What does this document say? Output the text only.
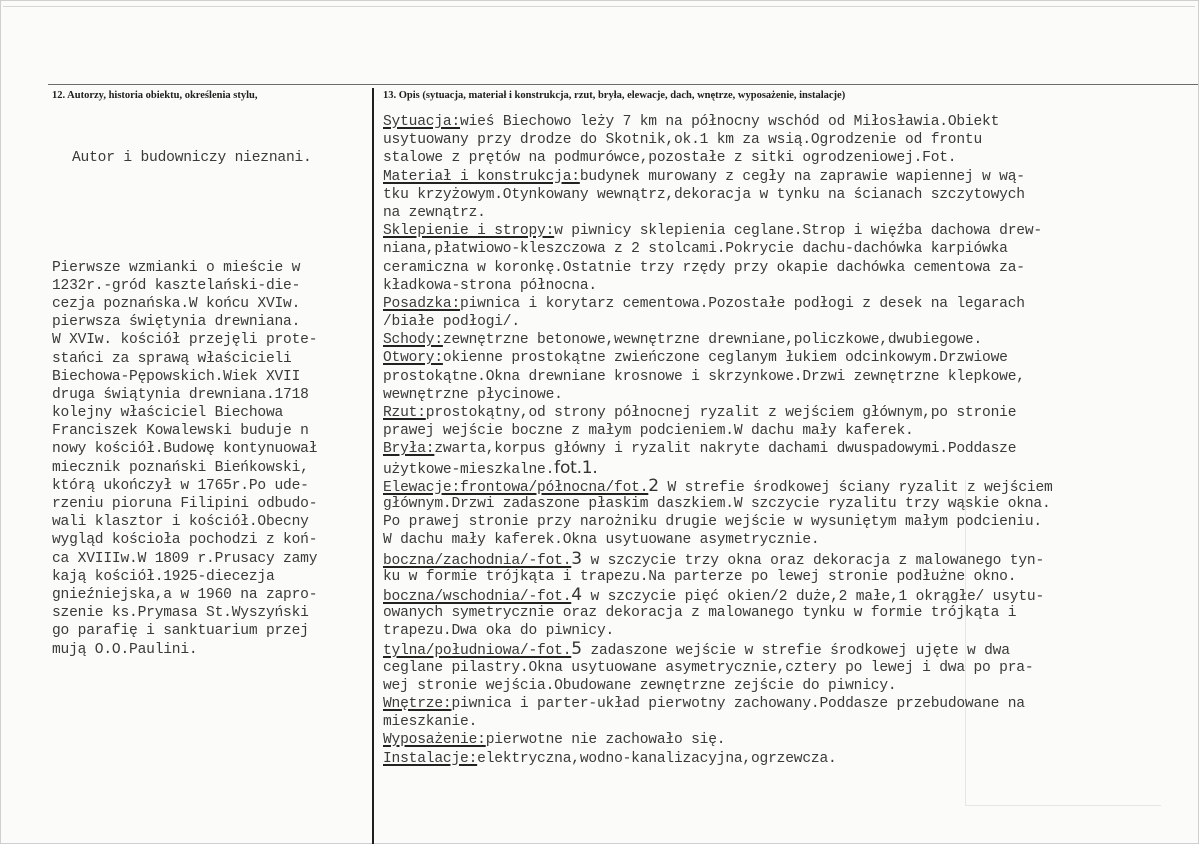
12. Autorzy, historia obiektu, określenia stylu,	13. Opis (sytuacja, materiał i konstrukcja, rzut, bryła, elewacje, dach, wnętrze, wyposażenie, instalacje)

Autor i budowniczy nieznani.

Pierwsze wzmianki o mieście w
1232r.-gród kasztelański-die-
cezja poznańska.W końcu XVIw.
pierwsza świętynia drewniana.
W XVIw. kościół przejęli prote-
stańci za sprawą właścicieli
Biechowa-Pępowskich.Wiek XVII
druga świątynia drewniana.1718
kolejny właściciel Biechowa
Franciszek Kowalewski buduje n
nowy kościół.Budowę kontynuował
miecznik poznański Bieńkowski,
którą ukończył w 1765r.Po ude-
rzeniu pioruna Filipini odbudo-
wali klasztor i kościół.Obecny
wygląd kościoła pochodzi z koń-
ca XVIIIw.W 1809 r.Prusacy zamy
kają kościół.1925-diecezja
gnieźniejska,a w 1960 na zapro-
szenie ks.Prymasa St.Wyszyński
go parafię i sanktuarium przej
mują O.O.Paulini.

Sytuacja:wieś Biechowo leży 7 km na północny wschód od Miłosławia.Obiekt
usytuowany przy drodze do Skotnik,ok.1 km za wsią.Ogrodzenie od frontu
stalowe z prętów na podmurówce,pozostałe z sitki ogrodzeniowej.Fot.
Materiał i konstrukcja:budynek murowany z cegły na zaprawie wapiennej w wą-
tku krzyżowym.Otynkowany wewnątrz,dekoracja w tynku na ścianach szczytowych
na zewnątrz.
Sklepienie i stropy:w piwnicy sklepienia ceglane.Strop i więźba dachowa drew-
niana,płatwiowo-kleszczowa z 2 stolcami.Pokrycie dachu-dachówka karpiówka
ceramiczna w koronkę.Ostatnie trzy rzędy przy okapie dachówka cementowa za-
kładkowa-strona północna.
Posadzka:piwnica i korytarz cementowa.Pozostałe podłogi z desek na legarach
/białe podłogi/.
Schody:zewnętrzne betonowe,wewnętrzne drewniane,policzkowe,dwubiegowe.
Otwory:okienne prostokątne zwieńczone ceglanym łukiem odcinkowym.Drzwiowe
prostokątne.Okna drewniane krosnowe i skrzynkowe.Drzwi zewnętrzne klepkowe,
wewnętrzne płycinowe.
Rzut:prostokątny,od strony północnej ryzalit z wejściem głównym,po stronie
prawej wejście boczne z małym podcieniem.W dachu mały kaferek.
Bryła:zwarta,korpus główny i ryzalit nakryte dachami dwuspadowymi.Poddasze
użytkowe-mieszkalne.fot.1.
Elewacje:frontowa/północna/fot.2 W strefie środkowej ściany ryzalit z wejściem
głównym.Drzwi zadaszone płaskim daszkiem.W szczycie ryzalitu trzy wąskie okna.
Po prawej stronie przy narożniku drugie wejście w wysuniętym małym podcieniu.
W dachu mały kaferek.Okna usytuowane asymetrycznie.
boczna/zachodnia/-fot.3 w szczycie trzy okna oraz dekoracja z malowanego tyn-
ku w formie trójkąta i trapezu.Na parterze po lewej stronie podłużne okno.
boczna/wschodnia/-fot.4 w szczycie pięć okien/2 duże,2 małe,1 okrągłe/ usytu-
owanych symetrycznie oraz dekoracja z malowanego tynku w formie trójkąta i
trapezu.Dwa oka do piwnicy.
tylna/południowa/-fot.5 zadaszone wejście w strefie środkowej ujęte w dwa
ceglane pilastry.Okna usytuowane asymetrycznie,cztery po lewej i dwa po pra-
wej stronie wejścia.Obudowane zewnętrzne zejście do piwnicy.
Wnętrze:piwnica i parter-układ pierwotny zachowany.Poddasze przebudowane na
mieszkanie.
Wyposażenie:pierwotne nie zachowało się.
Instalacje:elektryczna,wodno-kanalizacyjna,ogrzewcza.
